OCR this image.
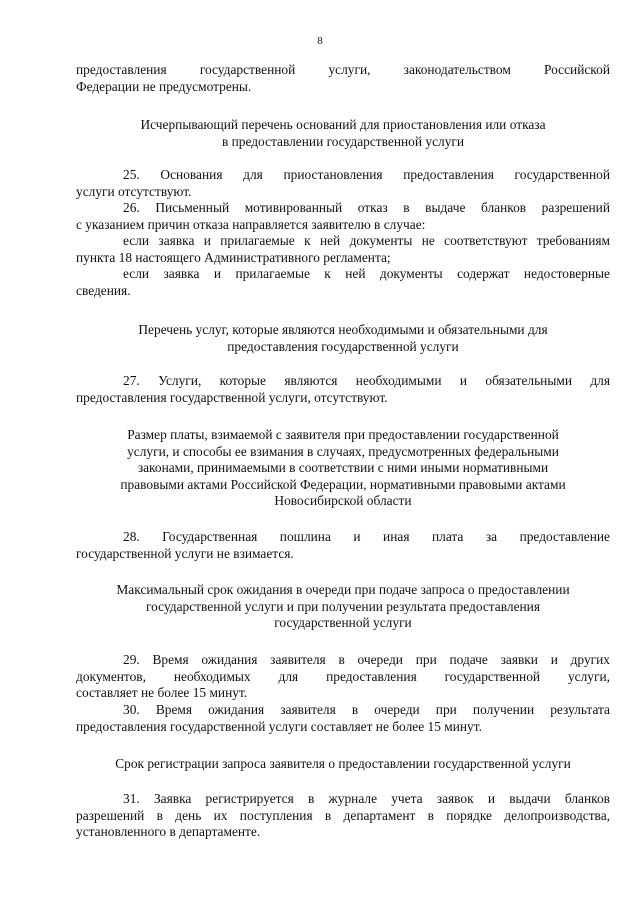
8
предоставления государственной услуги, законодательством Российской
Федерации не предусмотрены.
Исчерпывающий перечень оснований для приостановления или отказа
в предоставлении государственной услуги
25. Основания для приостановления предоставления государственной
услуги отсутствуют.
26. Письменный мотивированный отказ в выдаче бланков разрешений
с указанием причин отказа направляется заявителю в случае:
если заявка и прилагаемые к ней документы не соответствуют требованиям
пункта 18 настоящего Административного регламента;
если заявка и прилагаемые к ней документы содержат недостоверные
сведения.
Перечень услуг, которые являются необходимыми и обязательными для
предоставления государственной услуги
27. Услуги, которые являются необходимыми и обязательными для
предоставления государственной услуги, отсутствуют.
Размер платы, взимаемой с заявителя при предоставлении государственной
услуги, и способы ее взимания в случаях, предусмотренных федеральными
законами, принимаемыми в соответствии с ними иными нормативными
правовыми актами Российской Федерации, нормативными правовыми актами
Новосибирской области
28. Государственная пошлина и иная плата за предоставление
государственной услуги не взимается.
Максимальный срок ожидания в очереди при подаче запроса о предоставлении
государственной услуги и при получении результата предоставления
государственной услуги
29. Время ожидания заявителя в очереди при подаче заявки и других
документов, необходимых для предоставления государственной услуги,
составляет не более 15 минут.
30. Время ожидания заявителя в очереди при получении результата
предоставления государственной услуги составляет не более 15 минут.
Срок регистрации запроса заявителя о предоставлении государственной услуги
31. Заявка регистрируется в журнале учета заявок и выдачи бланков
разрешений в день их поступления в департамент в порядке делопроизводства,
установленного в департаменте.
